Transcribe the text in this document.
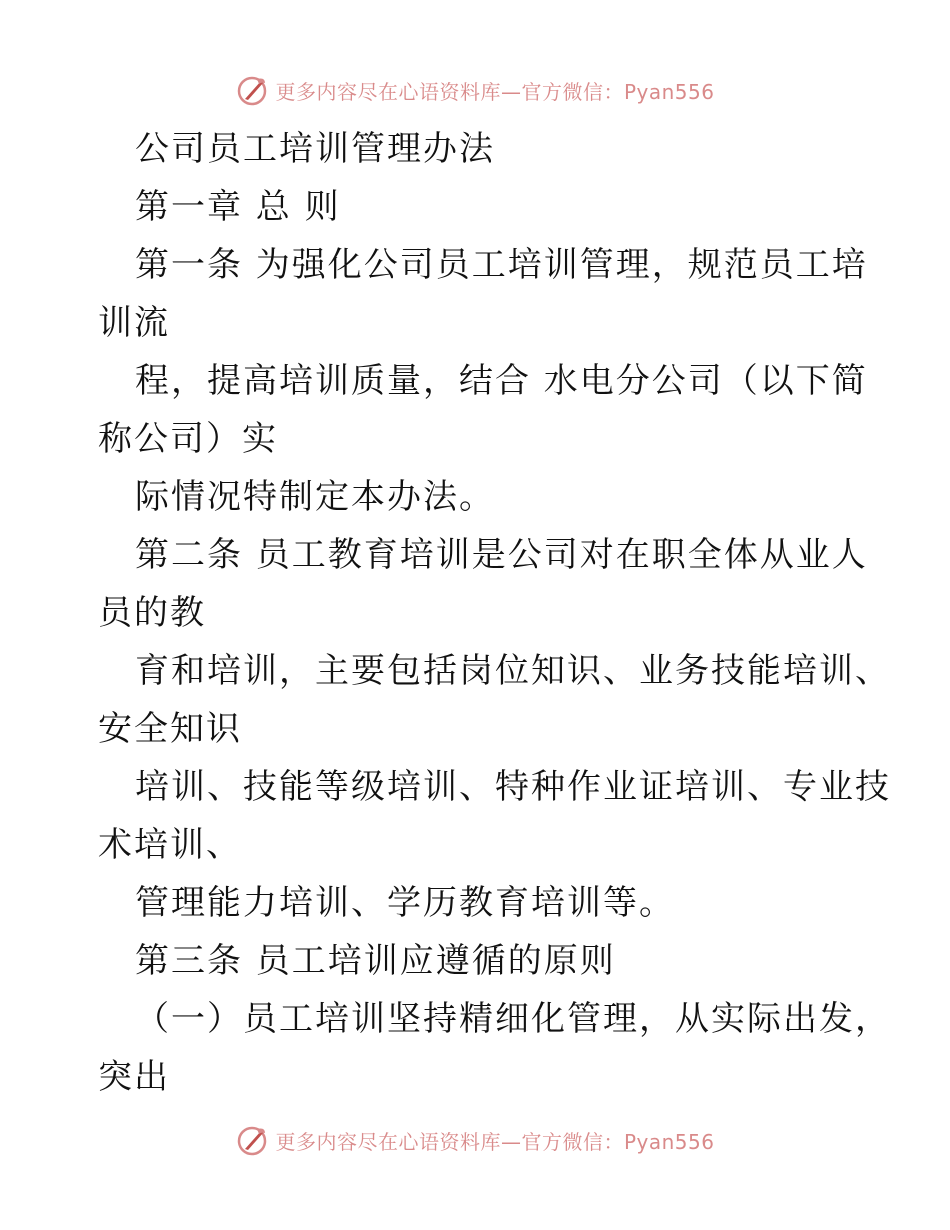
更多内容尽在心语资料库—官方微信：Pyan556
公司员工培训管理办法
第一章 总 则
第一条 为强化公司员工培训管理，规范员工培
训流
程，提高培训质量，结合 水电分公司（以下简
称公司）实
际情况特制定本办法。
第二条 员工教育培训是公司对在职全体从业人
员的教
育和培训，主要包括岗位知识、业务技能培训、
安全知识
培训、技能等级培训、特种作业证培训、专业技
术培训、
管理能力培训、学历教育培训等。
第三条 员工培训应遵循的原则
（一）员工培训坚持精细化管理，从实际出发，
突出
更多内容尽在心语资料库—官方微信：Pyan556
